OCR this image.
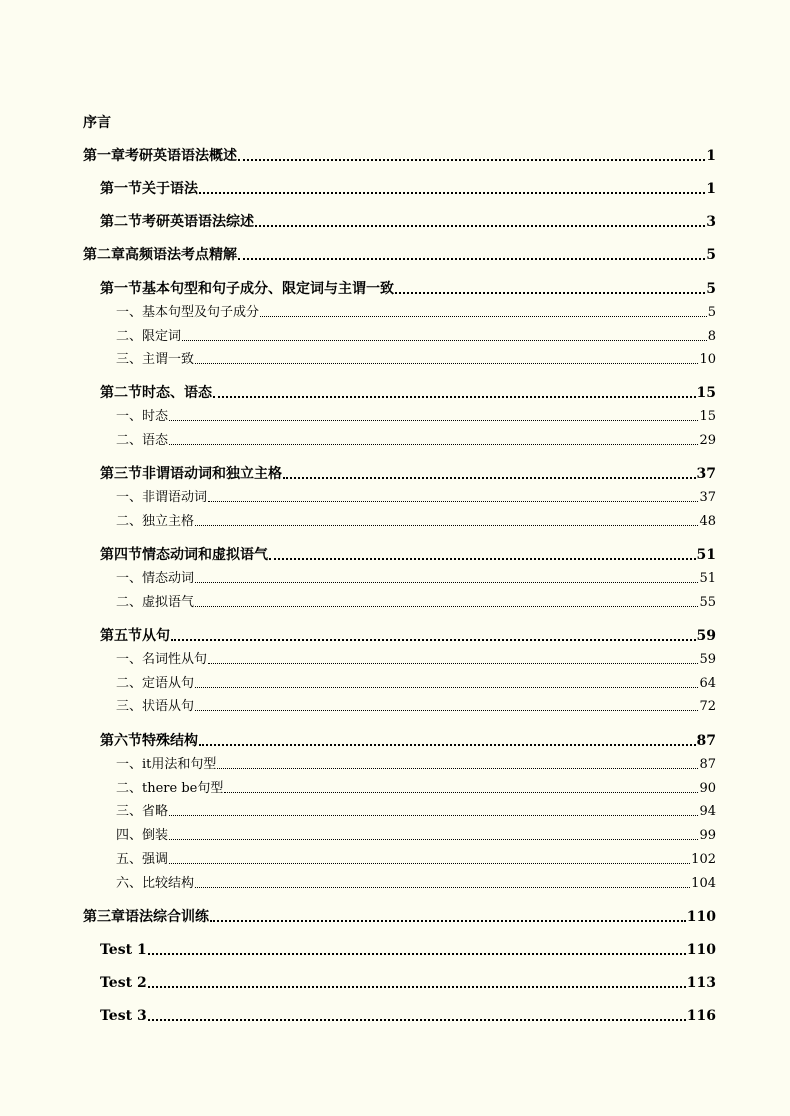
序言
第一章考研英语语法概述	1
第一节关于语法	1
第二节考研英语语法综述	3
第二章高频语法考点精解	5
第一节基本句型和句子成分、限定词与主谓一致	5
一、基本句型及句子成分	5
二、限定词	8
三、主谓一致	10
第二节时态、语态	15
一、时态	15
二、语态	29
第三节非谓语动词和独立主格	37
一、非谓语动词	37
二、独立主格	48
第四节情态动词和虚拟语气	51
一、情态动词	51
二、虚拟语气	55
第五节从句	59
一、名词性从句	59
二、定语从句	64
三、状语从句	72
第六节特殊结构	87
一、it用法和句型	87
二、there be句型	90
三、省略	94
四、倒装	99
五、强调	102
六、比较结构	104
第三章语法综合训练	110
Test 1	110
Test 2	113
Test 3	116
